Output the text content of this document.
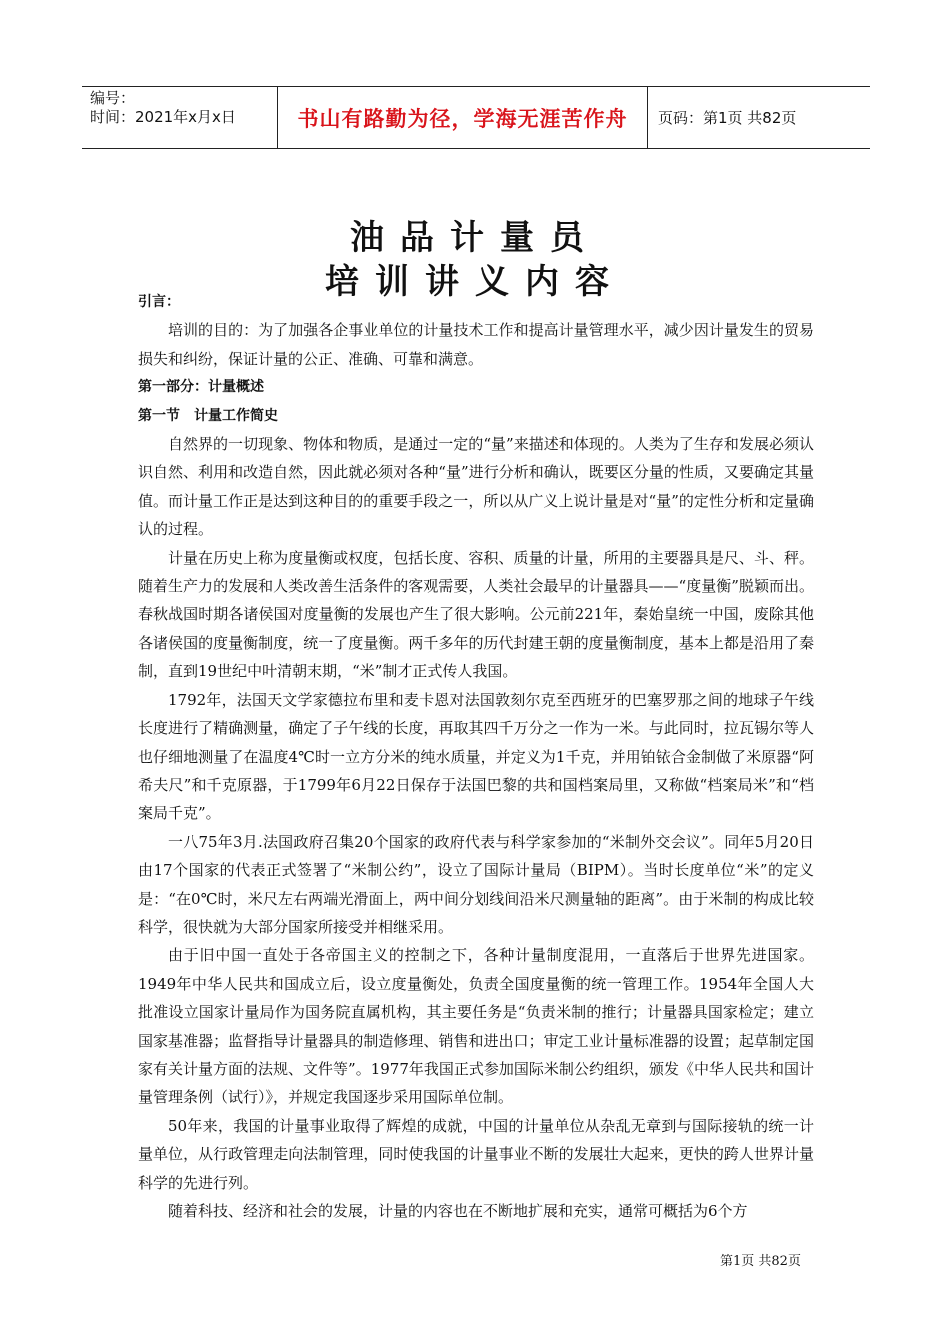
编号：
时间：2021年x月x日	书山有路勤为径，学海无涯苦作舟	页码：第1页 共82页
油品计量员
培训讲义内容

引言：

培训的目的：为了加强各企事业单位的计量技术工作和提高计量管理水平，减少因计量发生的贸易损失和纠纷，保证计量的公正、准确、可靠和满意。

第一部分：计量概述

第一节　计量工作简史

自然界的一切现象、物体和物质，是通过一定的“量”来描述和体现的。人类为了生存和发展必须认识自然、利用和改造自然，因此就必须对各种“量”进行分析和确认，既要区分量的性质，又要确定其量值。而计量工作正是达到这种目的的重要手段之一，所以从广义上说计量是对“量”的定性分析和定量确认的过程。

计量在历史上称为度量衡或权度，包括长度、容积、质量的计量，所用的主要器具是尺、斗、秤。随着生产力的发展和人类改善生活条件的客观需要，人类社会最早的计量器具——“度量衡”脱颖而出。春秋战国时期各诸侯国对度量衡的发展也产生了很大影响。公元前221年，秦始皇统一中国，废除其他各诸侯国的度量衡制度，统一了度量衡。两千多年的历代封建王朝的度量衡制度，基本上都是沿用了秦制，直到19世纪中叶清朝末期，“米”制才正式传人我国。

1792年，法国天文学家德拉布里和麦卡恩对法国敦刻尔克至西班牙的巴塞罗那之间的地球子午线长度进行了精确测量，确定了子午线的长度，再取其四千万分之一作为一米。与此同时，拉瓦锡尔等人也仔细地测量了在温度4℃时一立方分米的纯水质量，并定义为1千克，并用铂铱合金制做了米原器“阿希夫尺”和千克原器，于1799年6月22日保存于法国巴黎的共和国档案局里，又称做“档案局米”和“档案局千克”。

一八75年3月.法国政府召集20个国家的政府代表与科学家参加的“米制外交会议”。同年5月20日由17个国家的代表正式签署了“米制公约”，设立了国际计量局（BIPM）。当时长度单位“米”的定义是：“在0℃时，米尺左右两端光滑面上，两中间分划线间沿米尺测量轴的距离”。由于米制的构成比较科学，很快就为大部分国家所接受并相继采用。

由于旧中国一直处于各帝国主义的控制之下，各种计量制度混用，一直落后于世界先进国家。1949年中华人民共和国成立后，设立度量衡处，负责全国度量衡的统一管理工作。1954年全国人大批准设立国家计量局作为国务院直属机构，其主要任务是“负责米制的推行；计量器具国家检定；建立国家基准器；监督指导计量器具的制造修理、销售和进出口；审定工业计量标准器的设置；起草制定国家有关计量方面的法规、文件等”。1977年我国正式参加国际米制公约组织，颁发《中华人民共和国计量管理条例（试行）》，并规定我国逐步采用国际单位制。

50年来，我国的计量事业取得了辉煌的成就，中国的计量单位从杂乱无章到与国际接轨的统一计量单位，从行政管理走向法制管理，同时使我国的计量事业不断的发展壮大起来，更快的跨人世界计量科学的先进行列。

随着科技、经济和社会的发展，计量的内容也在不断地扩展和充实，通常可概括为6个方

第1页 共82页
